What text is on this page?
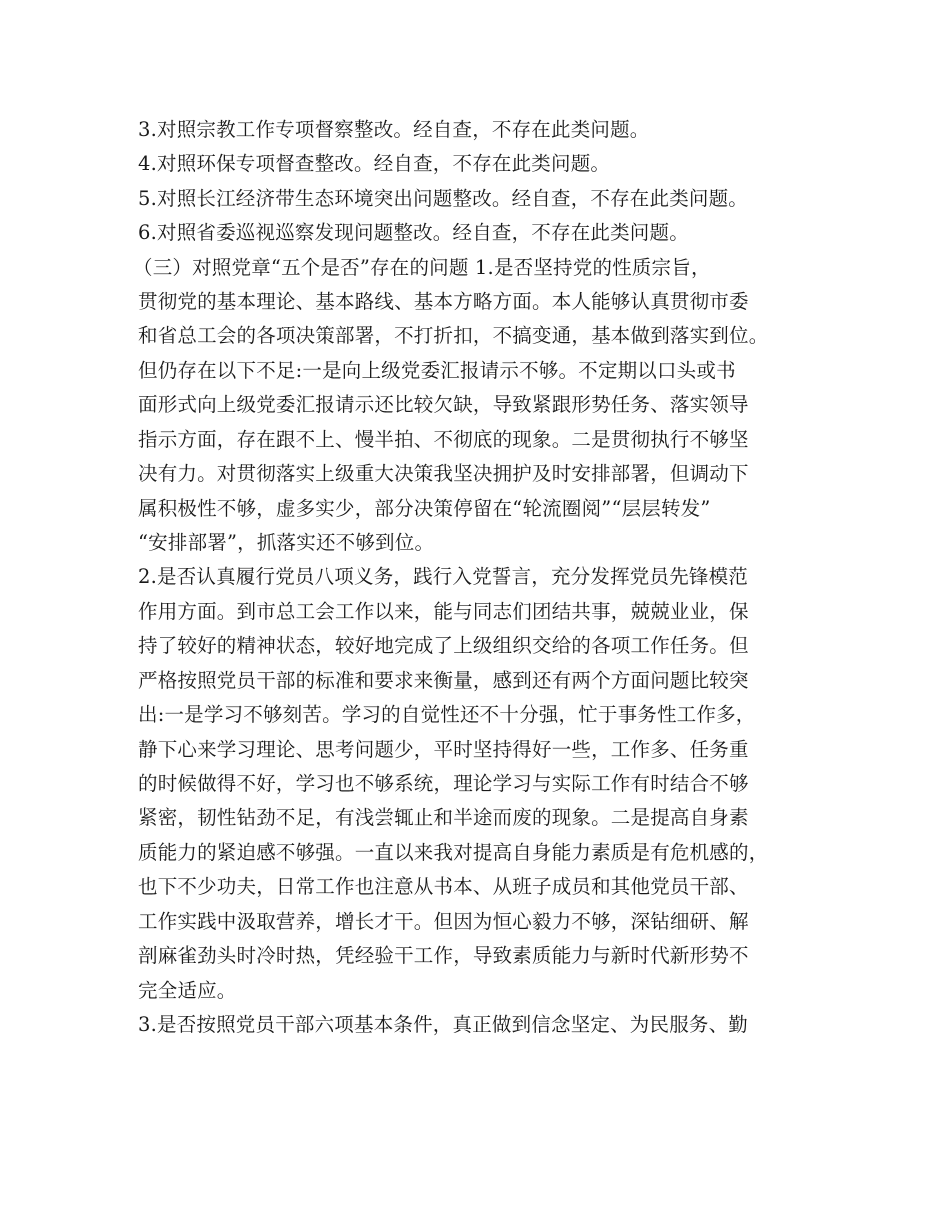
3.对照宗教工作专项督察整改。经自查，不存在此类问题。
4.对照环保专项督查整改。经自查，不存在此类问题。
5.对照长江经济带生态环境突出问题整改。经自查，不存在此类问题。
6.对照省委巡视巡察发现问题整改。经自查，不存在此类问题。
（三）对照党章“五个是否”存在的问题 1.是否坚持党的性质宗旨，
贯彻党的基本理论、基本路线、基本方略方面。本人能够认真贯彻市委
和省总工会的各项决策部署，不打折扣，不搞变通，基本做到落实到位。
但仍存在以下不足:一是向上级党委汇报请示不够。不定期以口头或书
面形式向上级党委汇报请示还比较欠缺，导致紧跟形势任务、落实领导
指示方面，存在跟不上、慢半拍、不彻底的现象。二是贯彻执行不够坚
决有力。对贯彻落实上级重大决策我坚决拥护及时安排部署，但调动下
属积极性不够，虚多实少，部分决策停留在“轮流圈阅”“层层转发”
“安排部署”，抓落实还不够到位。
2.是否认真履行党员八项义务，践行入党誓言，充分发挥党员先锋模范
作用方面。到市总工会工作以来，能与同志们团结共事，兢兢业业，保
持了较好的精神状态，较好地完成了上级组织交给的各项工作任务。但
严格按照党员干部的标准和要求来衡量，感到还有两个方面问题比较突
出:一是学习不够刻苦。学习的自觉性还不十分强，忙于事务性工作多，
静下心来学习理论、思考问题少，平时坚持得好一些，工作多、任务重
的时候做得不好，学习也不够系统，理论学习与实际工作有时结合不够
紧密，韧性钻劲不足，有浅尝辄止和半途而废的现象。二是提高自身素
质能力的紧迫感不够强。一直以来我对提高自身能力素质是有危机感的，
也下不少功夫，日常工作也注意从书本、从班子成员和其他党员干部、
工作实践中汲取营养，增长才干。但因为恒心毅力不够，深钻细研、解
剖麻雀劲头时冷时热，凭经验干工作，导致素质能力与新时代新形势不
完全适应。
3.是否按照党员干部六项基本条件，真正做到信念坚定、为民服务、勤
